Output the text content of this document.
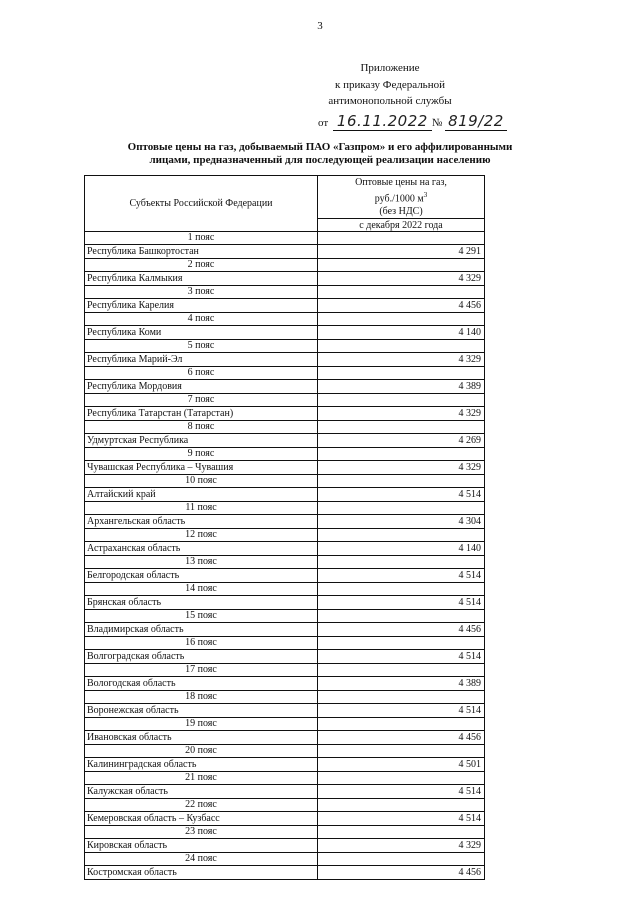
3
Приложение
к приказу Федеральной
антимонопольной службы
от 16.11.2022 № 819/22
Оптовые цены на газ, добываемый ПАО «Газпром» и его аффилированными
лицами, предназначенный для последующей реализации населению
Субъекты Российской Федерации	Оптовые цены на газ,
руб./1000 $м^3$
(без НДС)

	с декабря 2022 года
1 пояс	
Республика Башкортостан	4 291
2 пояс	
Республика Калмыкия	4 329
3 пояс	
Республика Карелия	4 456
4 пояс	
Республика Коми	4 140
5 пояс	
Республика Марий-Эл	4 329
6 пояс	
Республика Мордовия	4 389
7 пояс	
Республика Татарстан (Татарстан)	4 329
8 пояс	
Удмуртская Республика	4 269
9 пояс	
Чувашская Республика – Чувашия	4 329
10 пояс	
Алтайский край	4 514
11 пояс	
Архангельская область	4 304
12 пояс	
Астраханская область	4 140
13 пояс	
Белгородская область	4 514
14 пояс	
Брянская область	4 514
15 пояс	
Владимирская область	4 456
16 пояс	
Волгоградская область	4 514
17 пояс	
Вологодская область	4 389
18 пояс	
Воронежская область	4 514
19 пояс	
Ивановская область	4 456
20 пояс	
Калининградская область	4 501
21 пояс	
Калужская область	4 514
22 пояс	
Кемеровская область – Кузбасс	4 514
23 пояс	
Кировская область	4 329
24 пояс	
Костромская область	4 456
